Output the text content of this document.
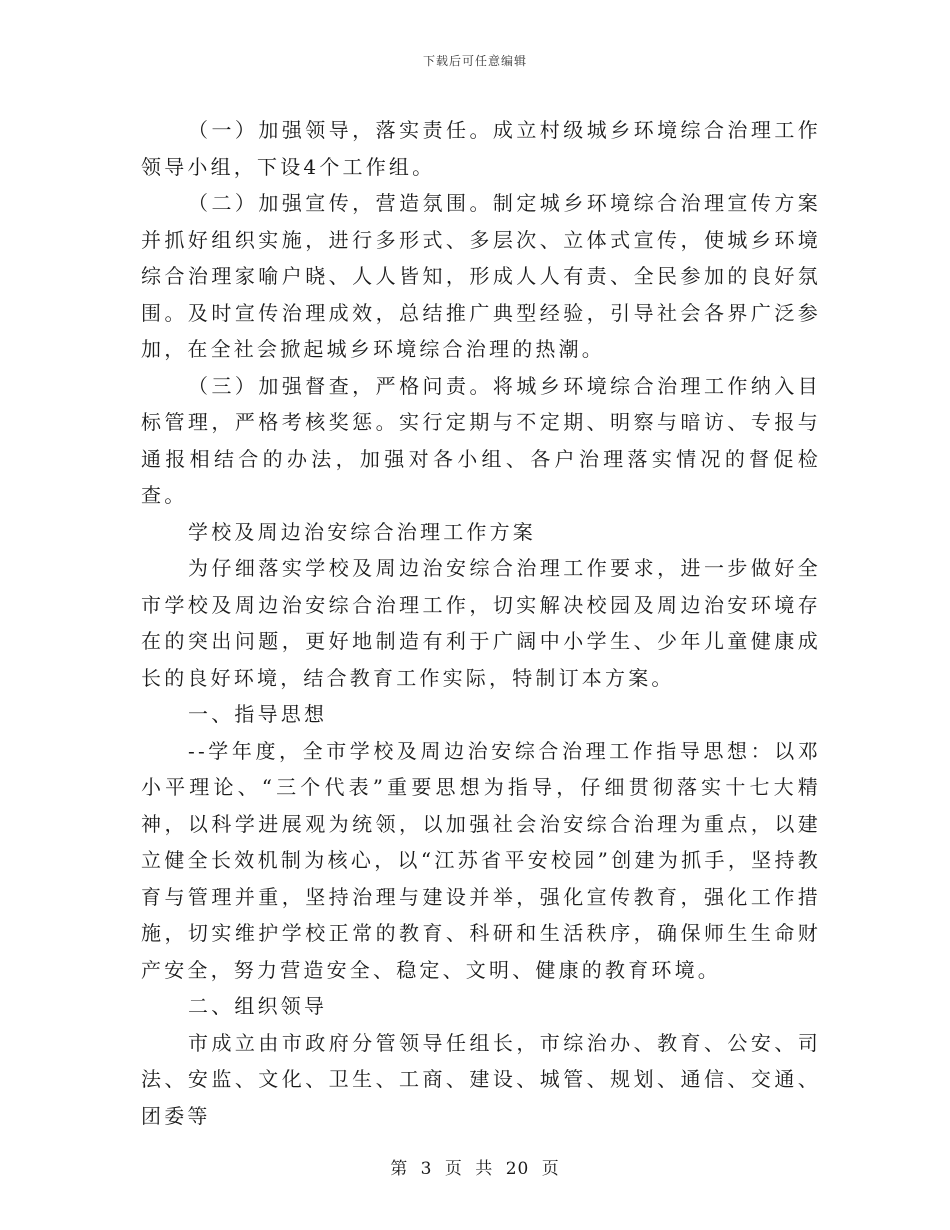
下载后可任意编辑

（一）加强领导，落实责任。成立村级城乡环境综合治理工作领导小组，下设4个工作组。

（二）加强宣传，营造氛围。制定城乡环境综合治理宣传方案并抓好组织实施，进行多形式、多层次、立体式宣传，使城乡环境综合治理家喻户晓、人人皆知，形成人人有责、全民参加的良好氛围。及时宣传治理成效，总结推广典型经验，引导社会各界广泛参加，在全社会掀起城乡环境综合治理的热潮。

（三）加强督查，严格问责。将城乡环境综合治理工作纳入目标管理，严格考核奖惩。实行定期与不定期、明察与暗访、专报与通报相结合的办法，加强对各小组、各户治理落实情况的督促检查。

学校及周边治安综合治理工作方案

为仔细落实学校及周边治安综合治理工作要求，进一步做好全市学校及周边治安综合治理工作，切实解决校园及周边治安环境存在的突出问题，更好地制造有利于广阔中小学生、少年儿童健康成长的良好环境，结合教育工作实际，特制订本方案。

一、指导思想

--学年度，全市学校及周边治安综合治理工作指导思想：以邓小平理论、“三个代表”重要思想为指导，仔细贯彻落实十七大精神，以科学进展观为统领，以加强社会治安综合治理为重点，以建立健全长效机制为核心，以“江苏省平安校园”创建为抓手，坚持教育与管理并重，坚持治理与建设并举，强化宣传教育，强化工作措施，切实维护学校正常的教育、科研和生活秩序，确保师生生命财产安全，努力营造安全、稳定、文明、健康的教育环境。

二、组织领导

市成立由市政府分管领导任组长，市综治办、教育、公安、司法、安监、文化、卫生、工商、建设、城管、规划、通信、交通、团委等

第 3 页 共 20 页
